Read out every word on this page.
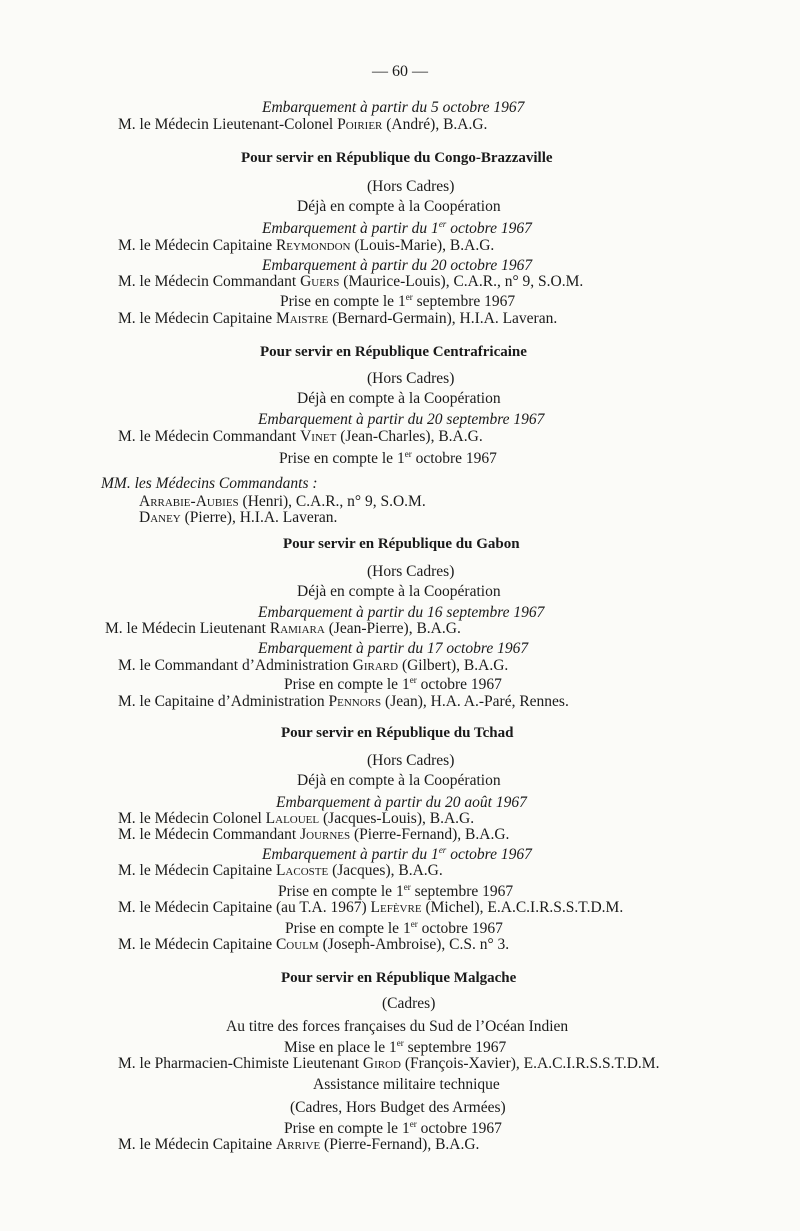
— 60 —
Embarquement à partir du 5 octobre 1967
M. le Médecin Lieutenant-Colonel Poirier (André), B.A.G.
Pour servir en République du Congo-Brazzaville
(Hors Cadres)
Déjà en compte à la Coopération
Embarquement à partir du 1er octobre 1967
M. le Médecin Capitaine Reymondon (Louis-Marie), B.A.G.
Embarquement à partir du 20 octobre 1967
M. le Médecin Commandant Guers (Maurice-Louis), C.A.R., n° 9, S.O.M.
Prise en compte le 1er septembre 1967
M. le Médecin Capitaine Maistre (Bernard-Germain), H.I.A. Laveran.
Pour servir en République Centrafricaine
(Hors Cadres)
Déjà en compte à la Coopération
Embarquement à partir du 20 septembre 1967
M. le Médecin Commandant Vinet (Jean-Charles), B.A.G.
Prise en compte le 1er octobre 1967
MM. les Médecins Commandants :
Arrabie-Aubies (Henri), C.A.R., n° 9, S.O.M.
Daney (Pierre), H.I.A. Laveran.
Pour servir en République du Gabon
(Hors Cadres)
Déjà en compte à la Coopération
Embarquement à partir du 16 septembre 1967
M. le Médecin Lieutenant Ramiara (Jean-Pierre), B.A.G.
Embarquement à partir du 17 octobre 1967
M. le Commandant d’Administration Girard (Gilbert), B.A.G.
Prise en compte le 1er octobre 1967
M. le Capitaine d’Administration Pennors (Jean), H.A. A.-Paré, Rennes.
Pour servir en République du Tchad
(Hors Cadres)
Déjà en compte à la Coopération
Embarquement à partir du 20 août 1967
M. le Médecin Colonel Lalouel (Jacques-Louis), B.A.G.
M. le Médecin Commandant Journes (Pierre-Fernand), B.A.G.
Embarquement à partir du 1er octobre 1967
M. le Médecin Capitaine Lacoste (Jacques), B.A.G.
Prise en compte le 1er septembre 1967
M. le Médecin Capitaine (au T.A. 1967) Lefèvre (Michel), E.A.C.I.R.S.S.T.D.M.
Prise en compte le 1er octobre 1967
M. le Médecin Capitaine Coulm (Joseph-Ambroise), C.S. n° 3.
Pour servir en République Malgache
(Cadres)
Au titre des forces françaises du Sud de l’Océan Indien
Mise en place le 1er septembre 1967
M. le Pharmacien-Chimiste Lieutenant Girod (François-Xavier), E.A.C.I.R.S.S.T.D.M.
Assistance militaire technique
(Cadres, Hors Budget des Armées)
Prise en compte le 1er octobre 1967
M. le Médecin Capitaine Arrive (Pierre-Fernand), B.A.G.
